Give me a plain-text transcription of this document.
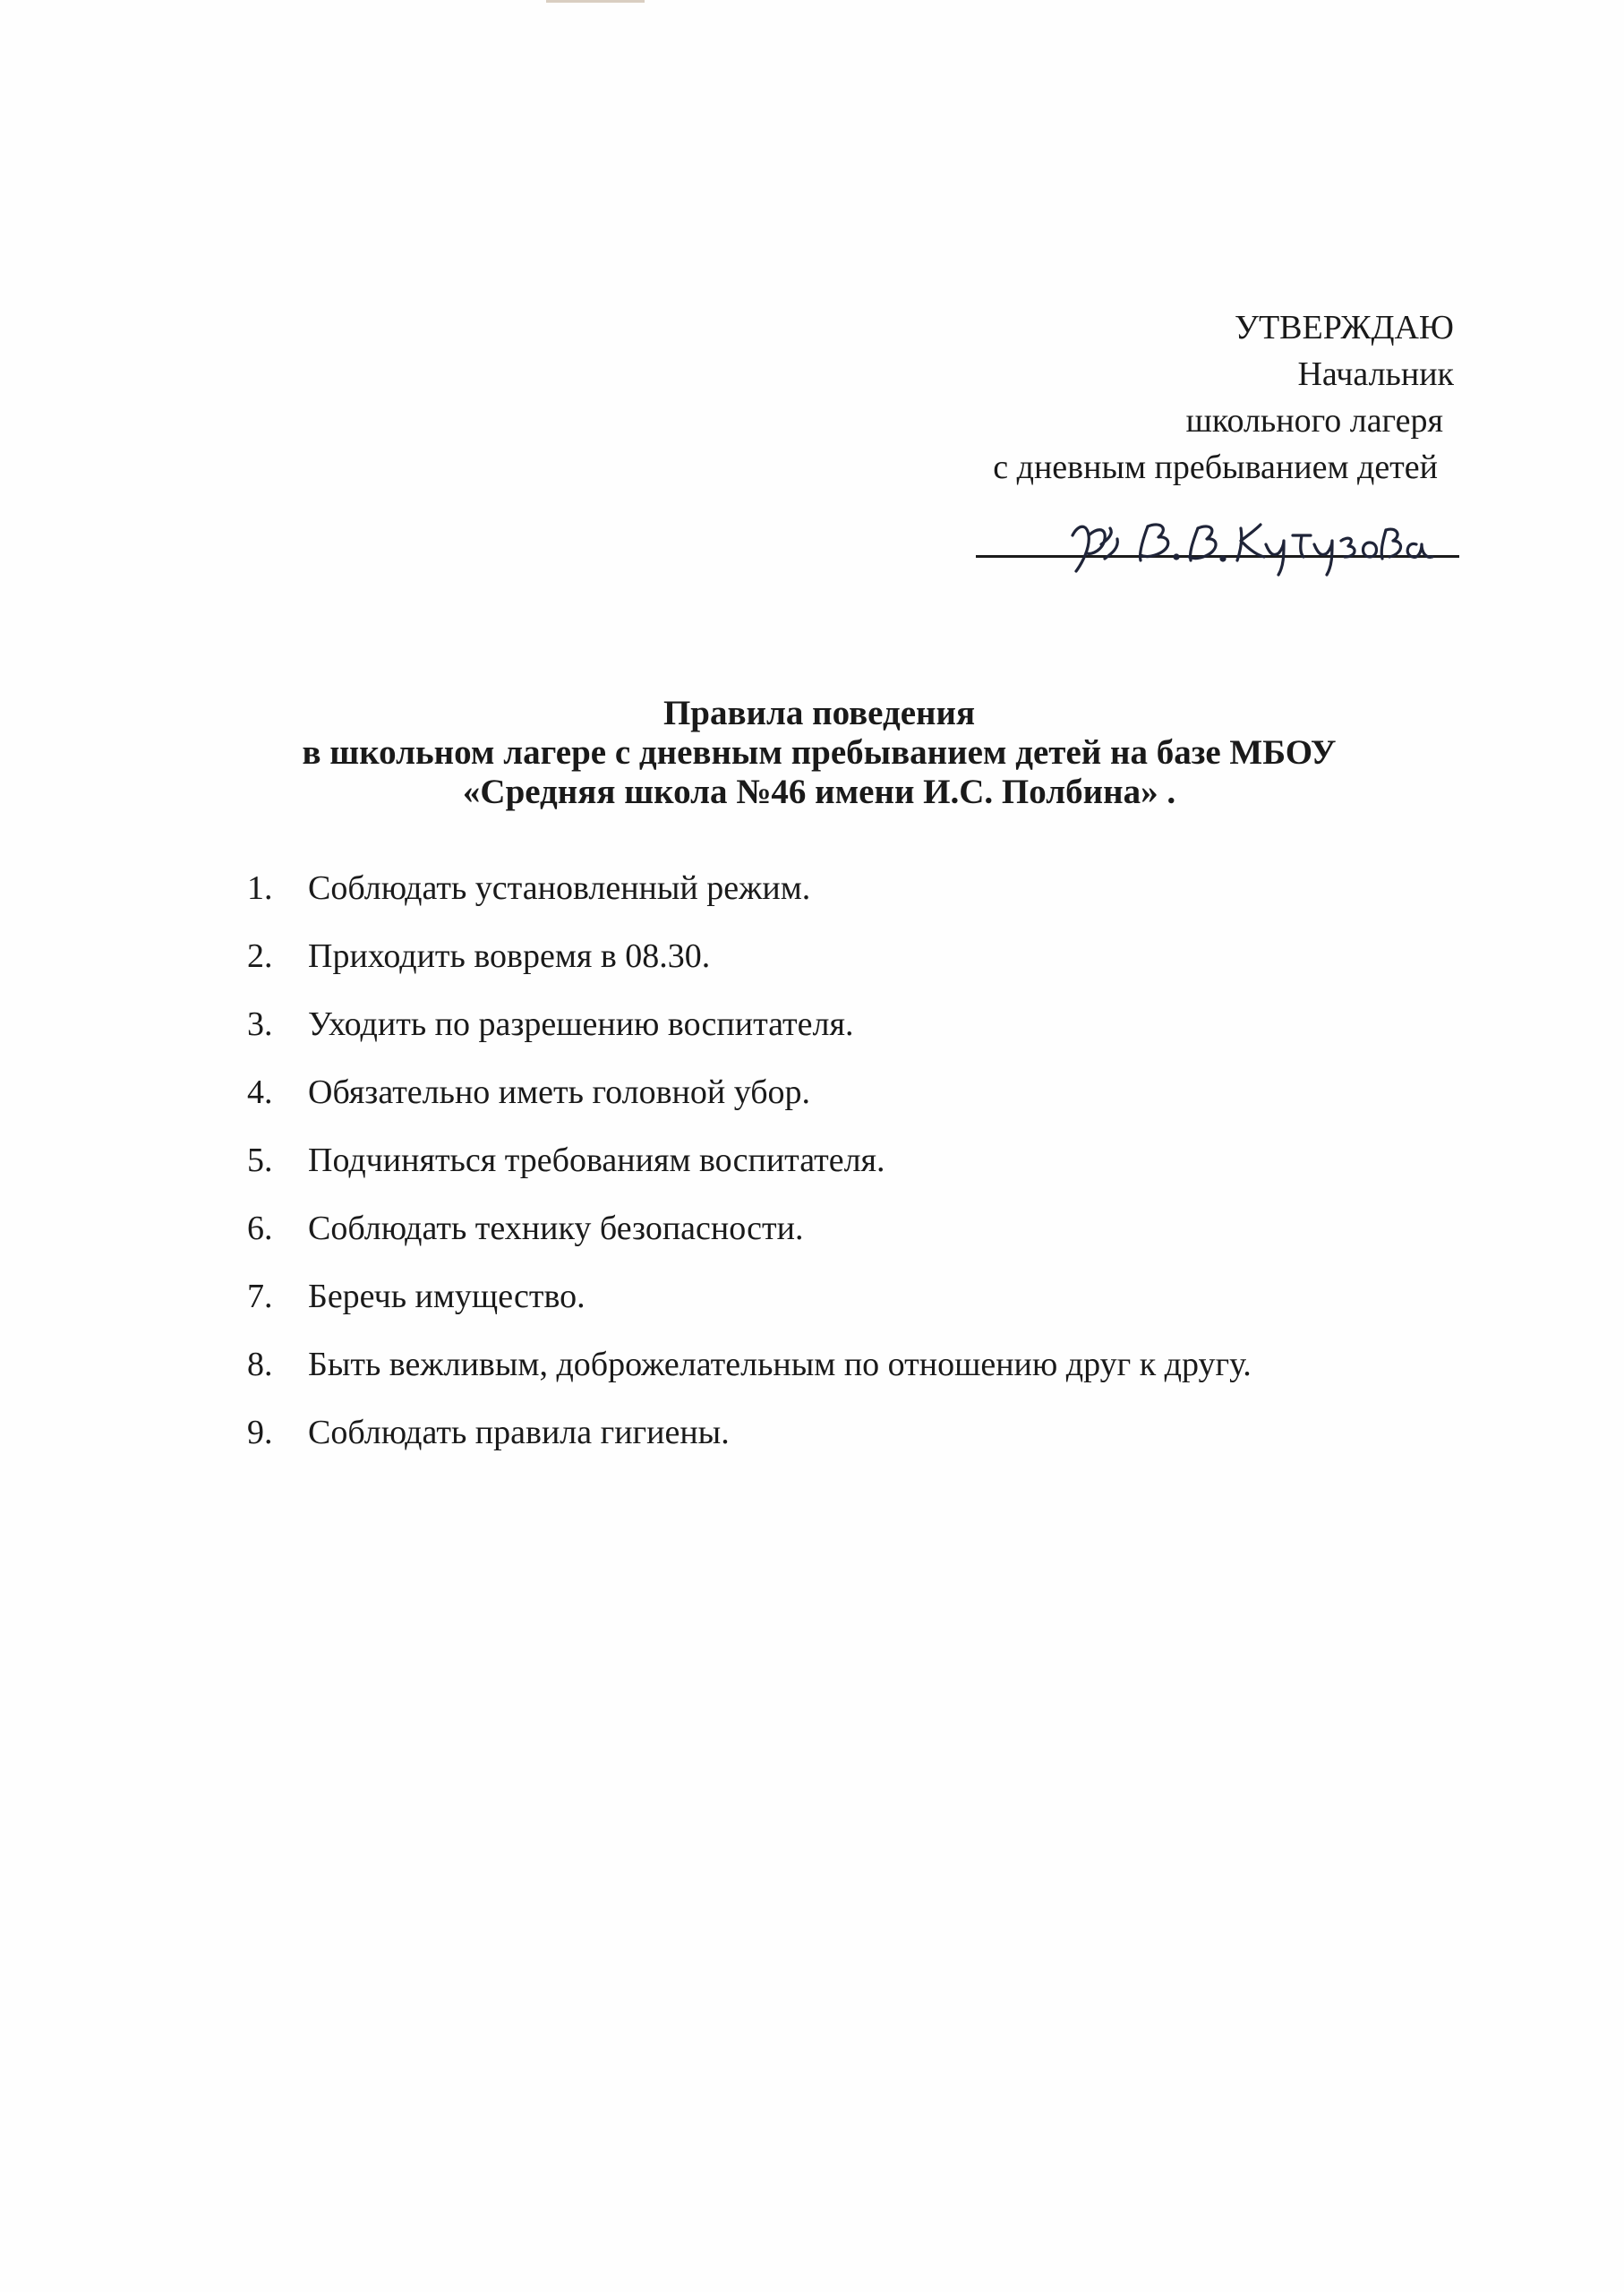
УТВЕРЖДАЮ
Начальник
школьного лагеря
с дневным пребыванием детей
Правила поведения
в школьном лагере с дневным пребыванием детей на базе МБОУ
«Средняя школа №46 имени И.С. Полбина» .
1.	Соблюдать установленный режим.
2.	Приходить вовремя в 08.30.
3.	Уходить по разрешению воспитателя.
4.	Обязательно иметь головной убор.
5.	Подчиняться требованиям воспитателя.
6.	Соблюдать технику безопасности.
7.	Беречь имущество.
8.	Быть вежливым, доброжелательным по отношению друг к другу.
9.	Соблюдать правила гигиены.
